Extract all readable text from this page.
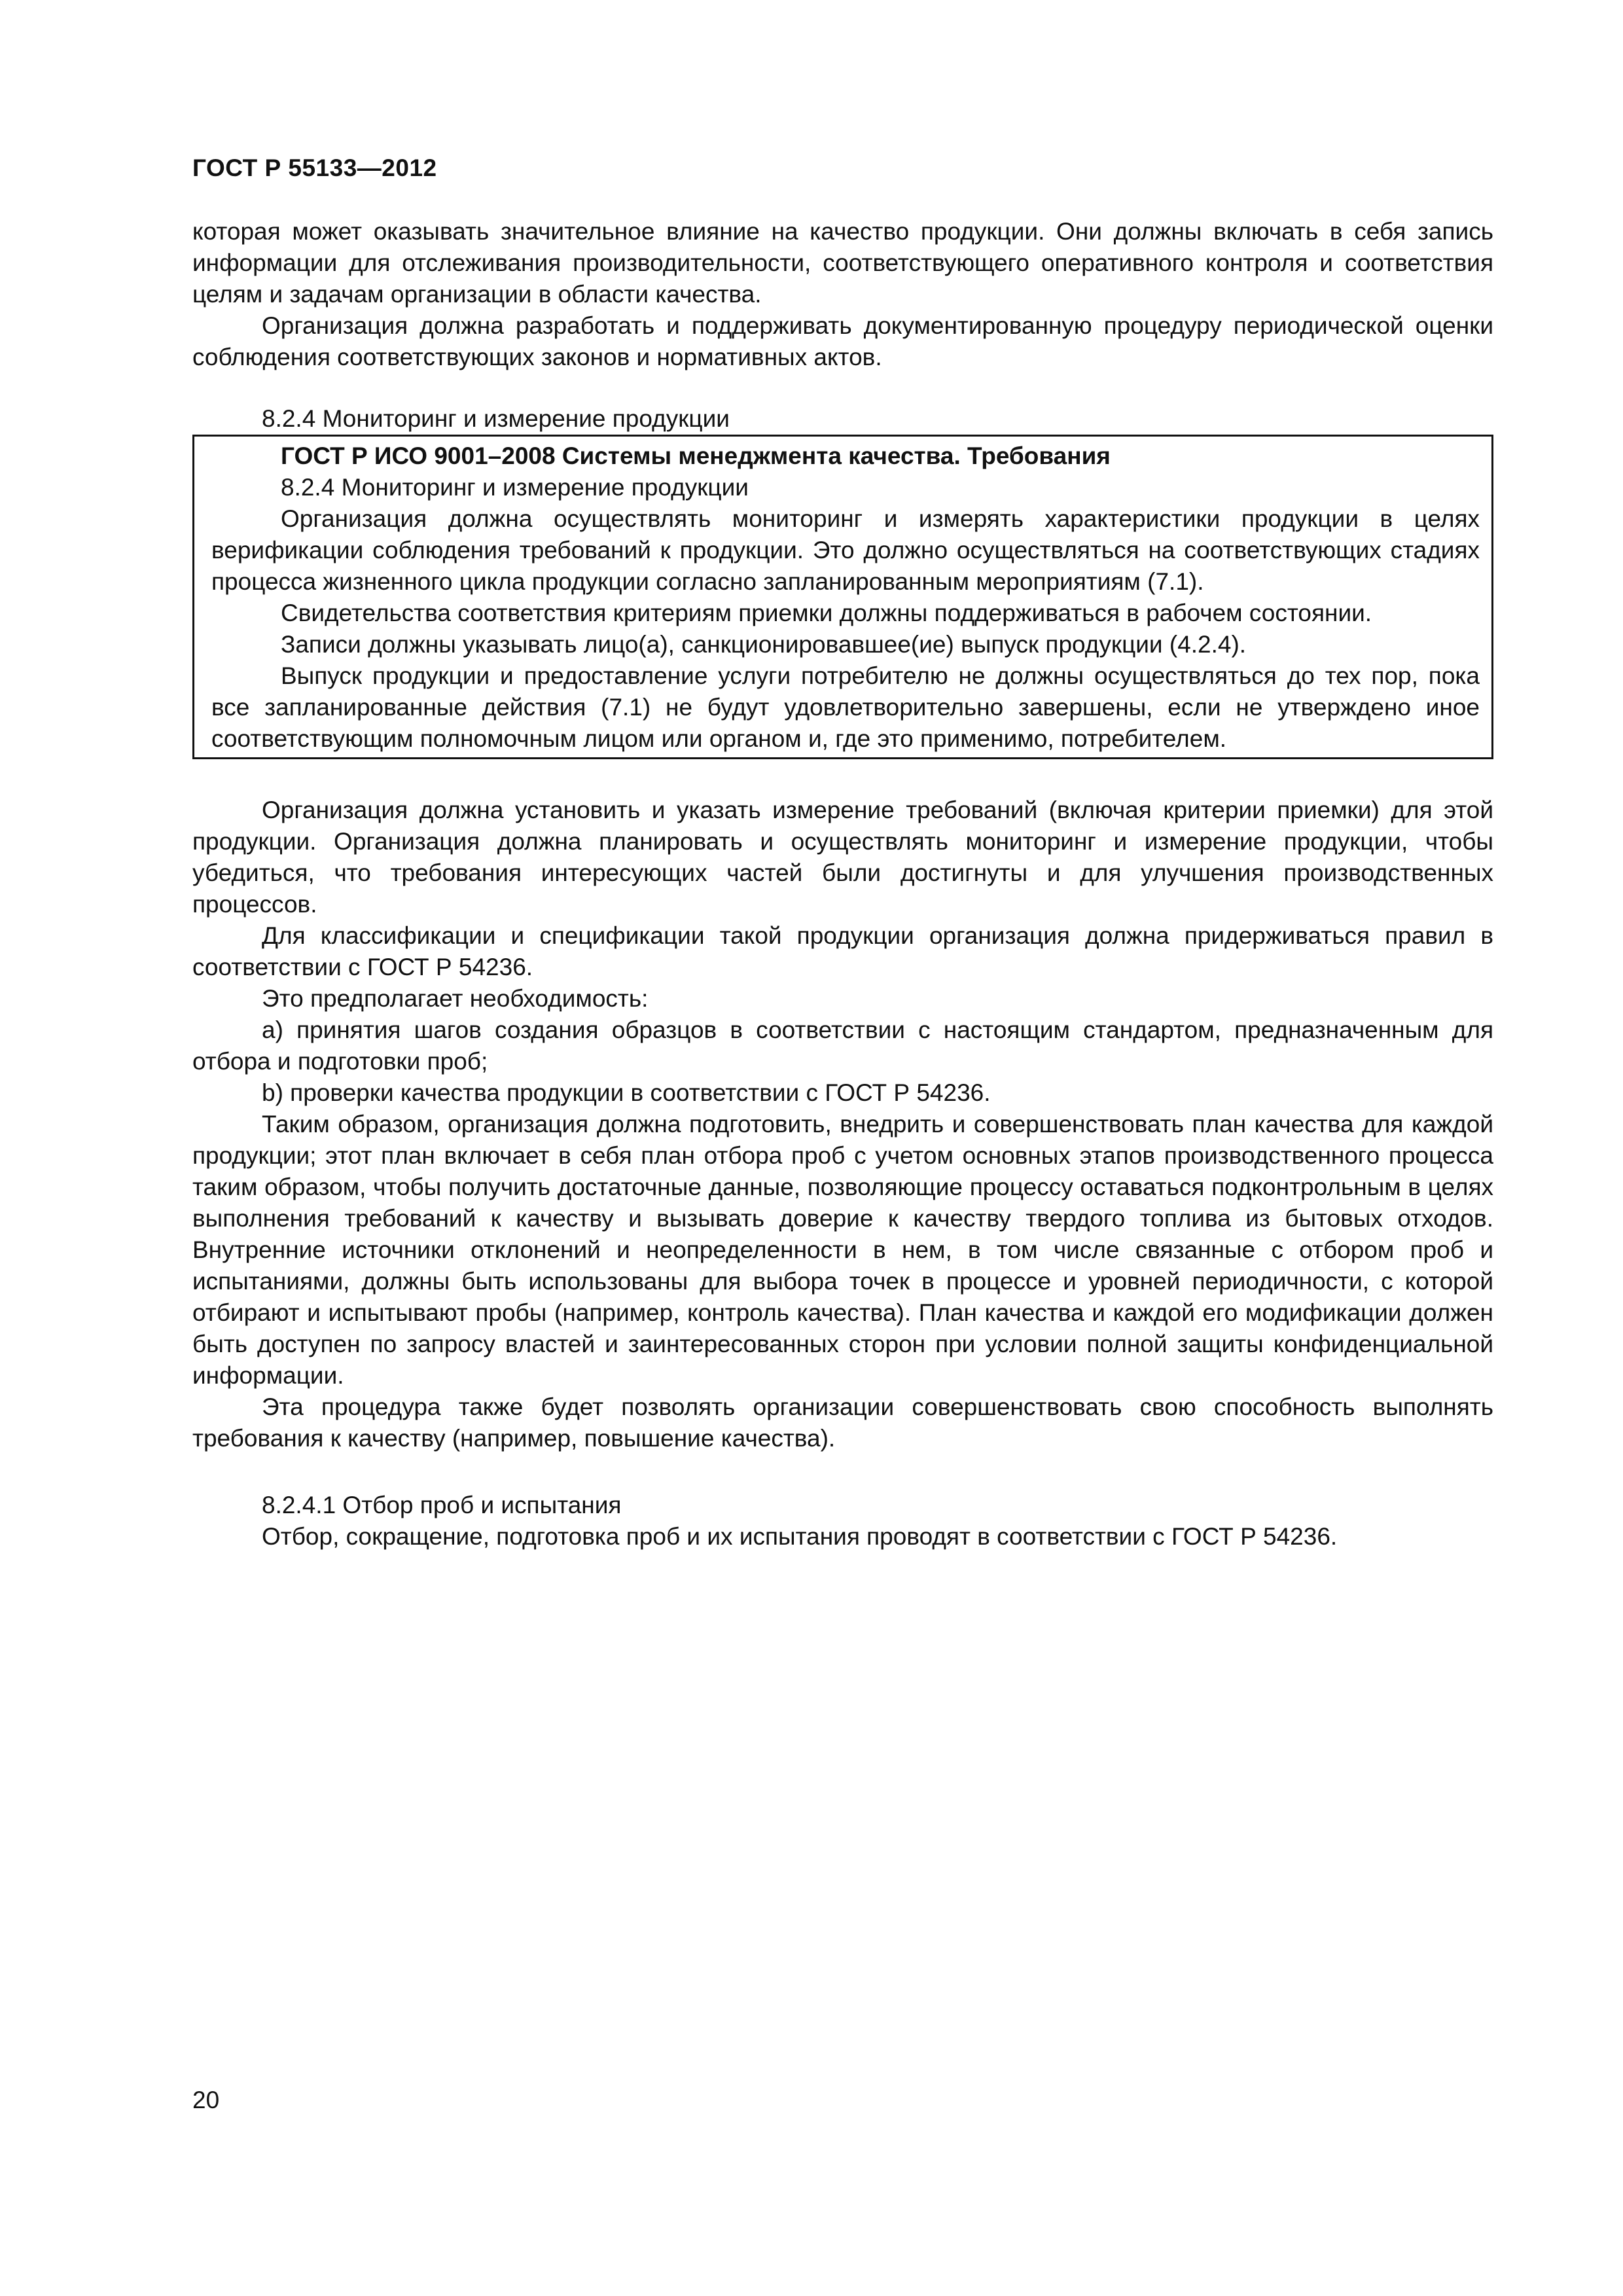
ГОСТ Р 55133—2012

которая может оказывать значительное влияние на качество продукции. Они должны включать в себя запись информации для отслеживания производительности, соответствующего оперативного контроля и соответствия целям и задачам организации в области качества.

Организация должна разработать и поддерживать документированную процедуру периодической оценки соблюдения соответствующих законов и нормативных актов.

8.2.4 Мониторинг и измерение продукции

ГОСТ Р ИСО 9001–2008 Системы менеджмента качества. Требования

8.2.4 Мониторинг и измерение продукции

Организация должна осуществлять мониторинг и измерять характеристики продукции в целях верификации соблюдения требований к продукции. Это должно осуществляться на соответствующих стадиях процесса жизненного цикла продукции согласно запланированным мероприятиям (7.1).

Свидетельства соответствия критериям приемки должны поддерживаться в рабочем состоянии.

Записи должны указывать лицо(а), санкционировавшее(ие) выпуск продукции (4.2.4).

Выпуск продукции и предоставление услуги потребителю не должны осуществляться до тех пор, пока все запланированные действия (7.1) не будут удовлетворительно завершены, если не утверждено иное соответствующим полномочным лицом или органом и, где это применимо, потребителем.

Организация должна установить и указать измерение требований (включая критерии приемки) для этой продукции. Организация должна планировать и осуществлять мониторинг и измерение продукции, чтобы убедиться, что требования интересующих частей были достигнуты и для улучшения производственных процессов.

Для классификации и спецификации такой продукции организация должна придерживаться правил в соответствии с ГОСТ Р 54236.

Это предполагает необходимость:

а) принятия шагов создания образцов в соответствии с настоящим стандартом, предназначенным для отбора и подготовки проб;

b) проверки качества продукции в соответствии с ГОСТ Р 54236.

Таким образом, организация должна подготовить, внедрить и совершенствовать план качества для каждой продукции; этот план включает в себя план отбора проб с учетом основных этапов производственного процесса таким образом, чтобы получить достаточные данные, позволяющие процессу оставаться подконтрольным в целях выполнения требований к качеству и вызывать доверие к качеству твердого топлива из бытовых отходов. Внутренние источники отклонений и неопределенности в нем, в том числе связанные с отбором проб и испытаниями, должны быть использованы для выбора точек в процессе и уровней периодичности, с которой отбирают и испытывают пробы (например, контроль качества). План качества и каждой его модификации должен быть доступен по запросу властей и заинтересованных сторон при условии полной защиты конфиденциальной информации.

Эта процедура также будет позволять организации совершенствовать свою способность выполнять требования к качеству (например, повышение качества).

8.2.4.1 Отбор проб и испытания

Отбор, сокращение, подготовка проб и их испытания проводят в соответствии с ГОСТ Р 54236.

20
